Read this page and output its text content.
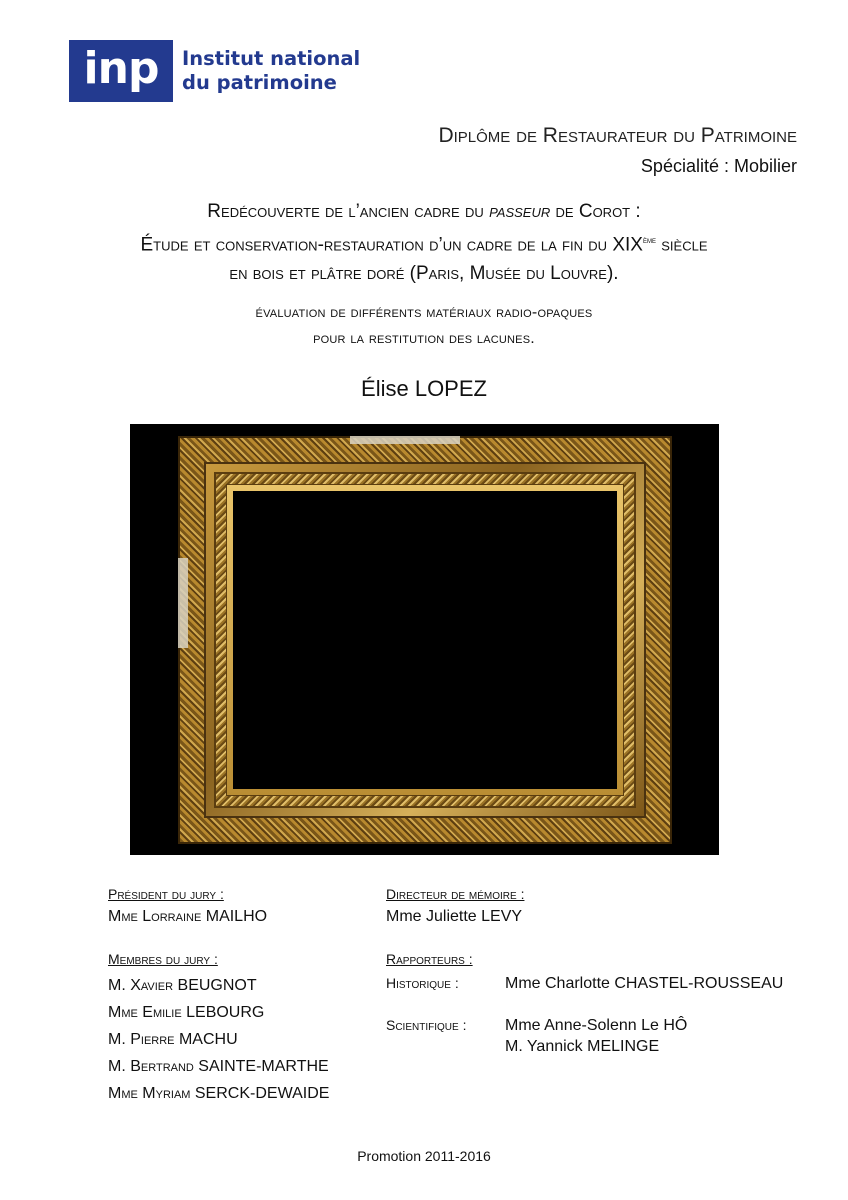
inp	Institut national
du patrimoine
Diplôme de Restaurateur du Patrimoine
Spécialité : Mobilier
Redécouverte de l’ancien cadre du passeur de Corot :
Étude et conservation-restauration d’un cadre de la fin du XIXème siècle
en bois et plâtre doré (Paris, Musée du Louvre).
évaluation de différents matériaux radio-opaques
pour la restitution des lacunes.
Élise LOPEZ
Président du jury :
Mme Lorraine MAILHO
Membres du jury :
M. Xavier BEUGNOT
Mme Emilie LEBOURG
M. Pierre MACHU
M. Bertrand SAINTE-MARTHE
Mme Myriam SERCK-DEWAIDE
Directeur de mémoire :
Mme Juliette LEVY
Rapporteurs :
Historique :	Mme Charlotte CHASTEL-ROUSSEAU
Scientifique : Mme Anne-Solenn Le HÔ
M. Yannick MELINGE
Promotion 2011-2016
